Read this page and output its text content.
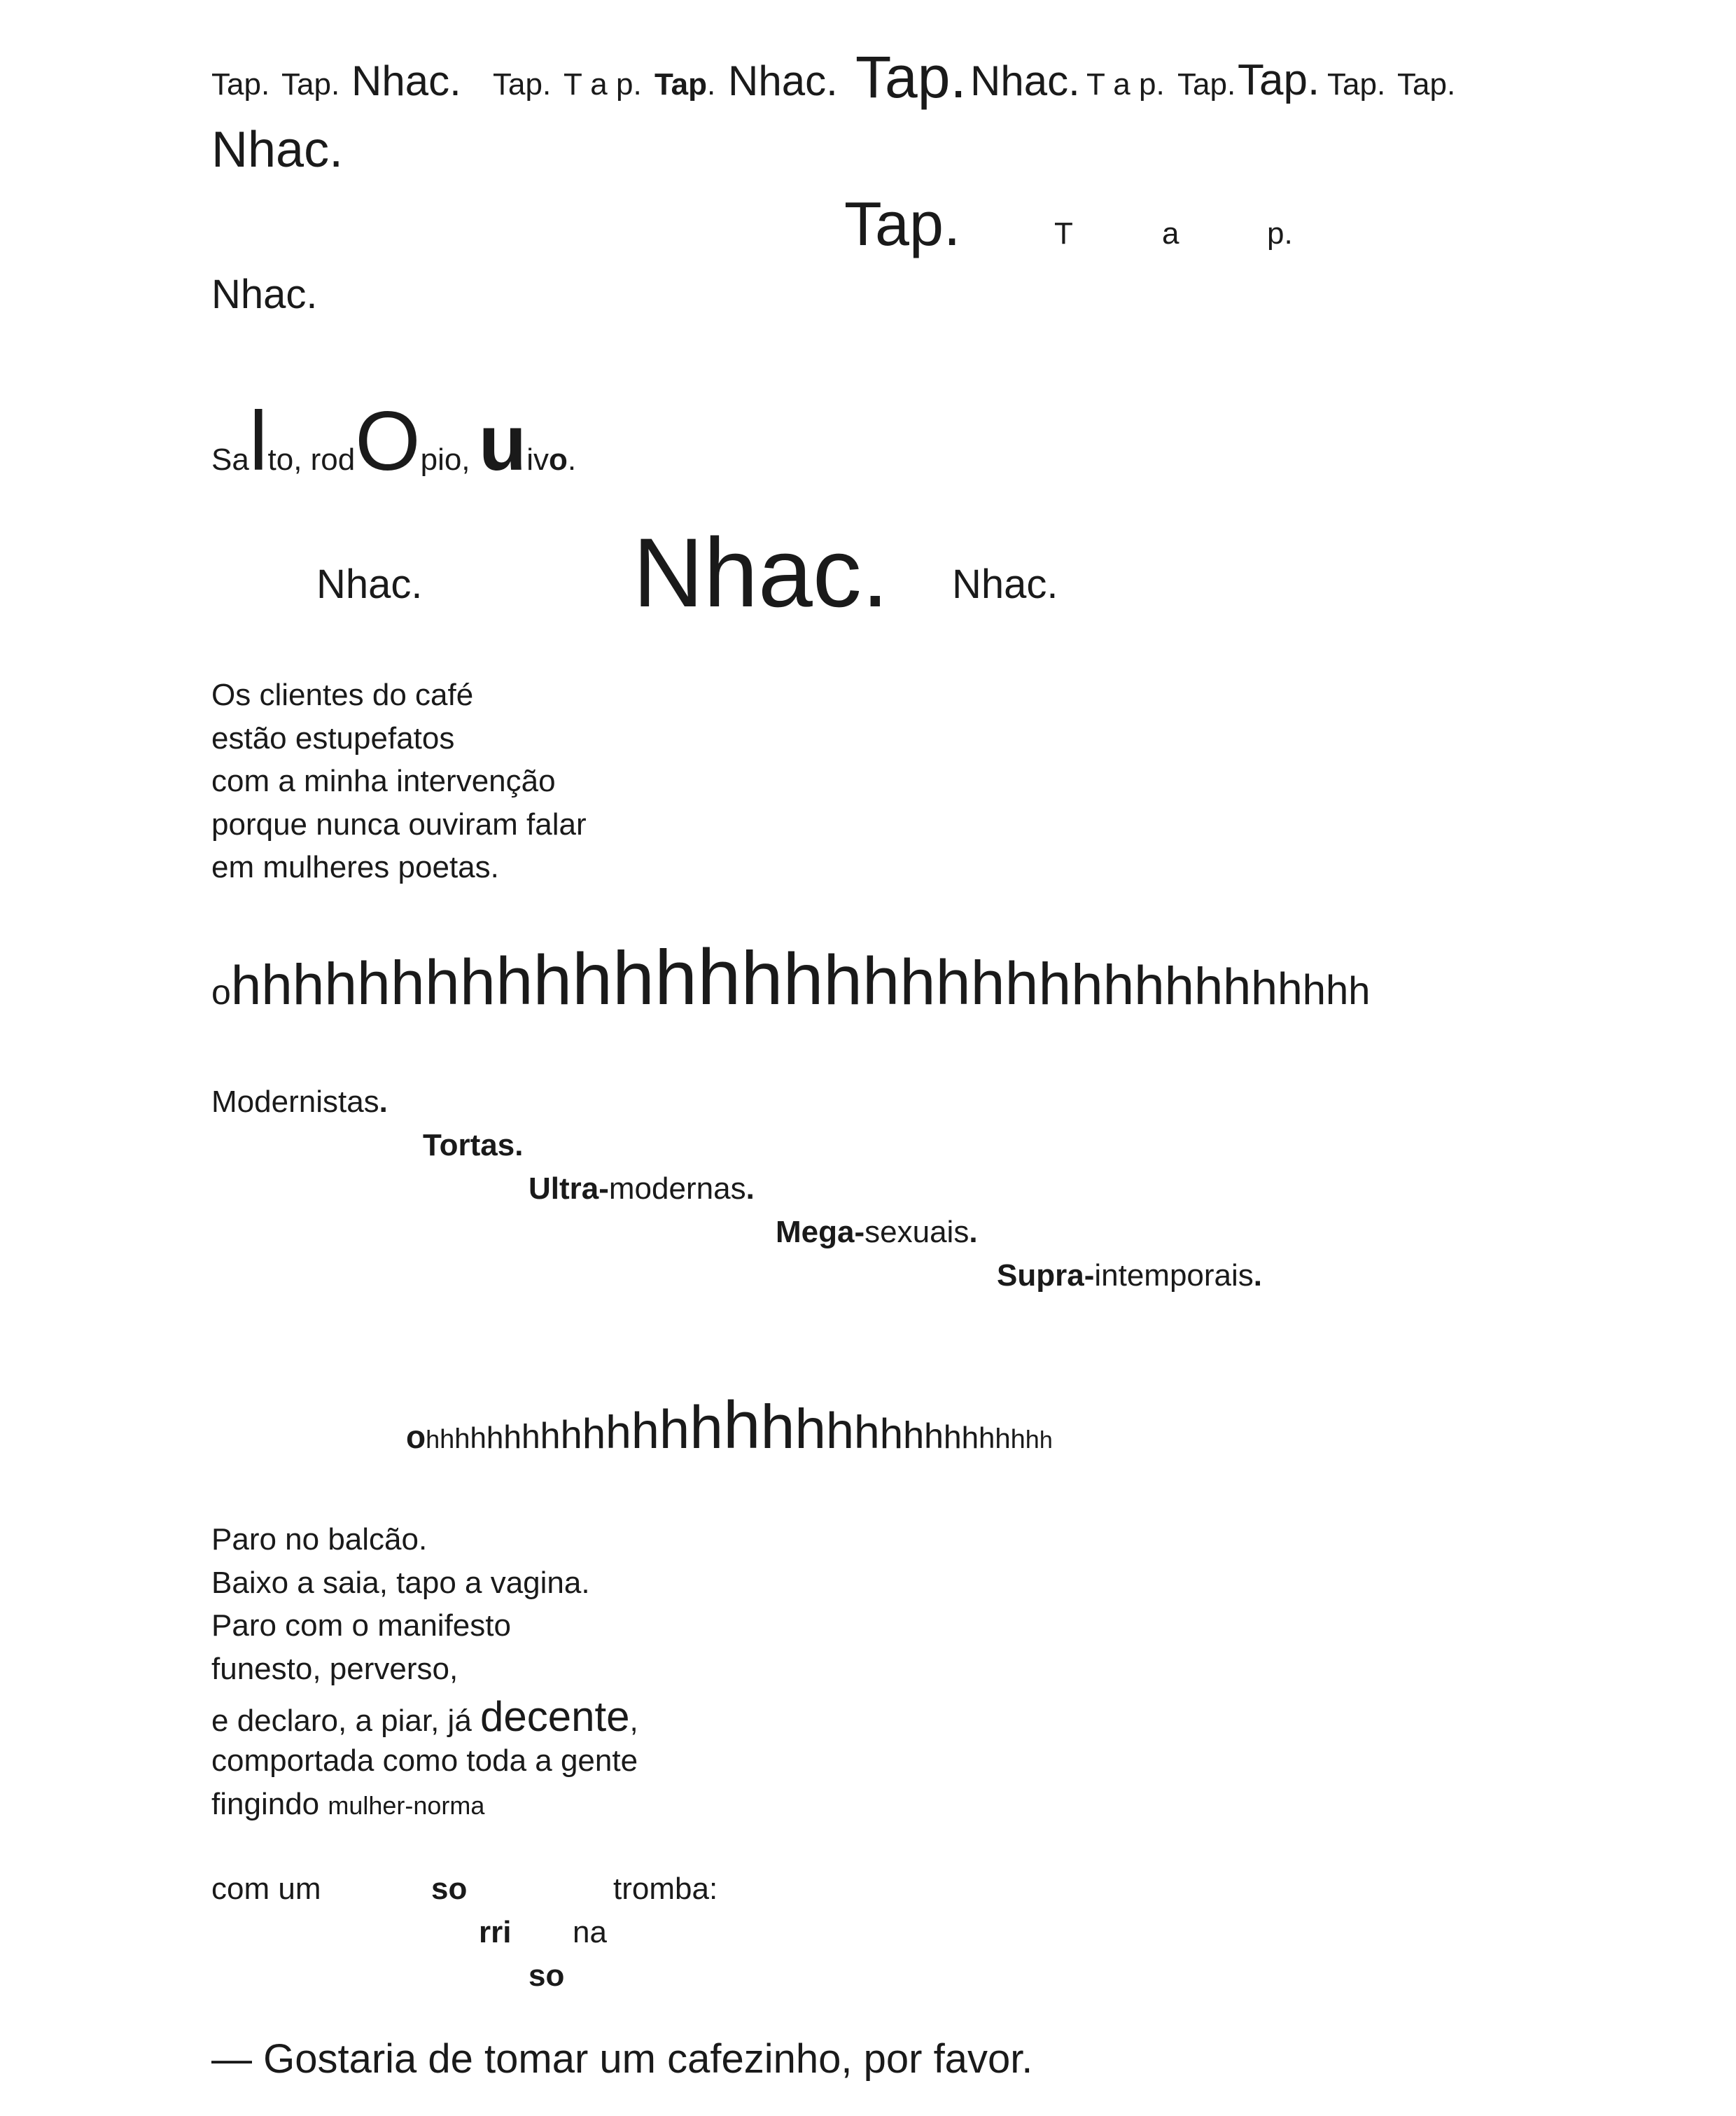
Tap. Tap. Nhac. Tap. T a p. Tap. Nhac. Tap. Nhac. T a p. Tap. Tap. Tap. Tap.
Nhac.
Tap.	T	a	p.
Nhac.
Salto, rodOpio, uivo.
Nhac. Nhac. Nhac.
Os clientes do café
estão estupefatos
com a minha intervenção
porque nunca ouviram falar
em mulheres poetas.
o h h h h h h h h h h h h h h h h h h h h h h h h h h h h h h h h h h
Modernistas.
Tortas.
Ultra-modernas.
Mega-sexuais.
Supra-intemporais.
o h h h h h h h h h h h h h h h h h h h h h h h h h h h h h
Paro no balcão.
Baixo a saia, tapo a vagina.
Paro com o manifesto
funesto, perverso,
e declaro, a piar, já decente,
comportada como toda a gente
fingindo mulher-norma
com um	so	tromba:
rri na
so
— Gostaria de tomar um cafezinho, por favor.
